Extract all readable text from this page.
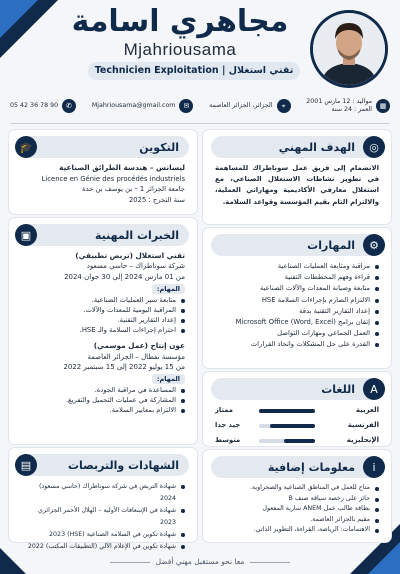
مجاهري اسامة
Mjahriousama
تقني استغلال | Technicien Exploitation
▦
مواليد : 12 مارس 2001
العمر : 24 سنة
⌖
الجزائر، الجزائر العاصمة
✉
Mjahriousama@gmail.com
✆
05 42 36 78 90
◎
الهدف المهني
الانضمام إلى فريق عمل سوناطراك للمساهمة في تطوير نشاطات الاستغلال الصناعي، مع استغلال معارفي الأكاديمية ومهاراتي العملية، والالتزام التام بقيم المؤسسة وقواعد السلامة.
⚙
المهارات
مراقبة ومتابعة العمليات الصناعية
قراءة وفهم المخططات التقنية
متابعة وصيانة المعدات والآلات الصناعية
الالتزام الصارم بإجراءات السلامة HSE
إعداد التقارير التقنية بدقة
إتقان برامج (Microsoft Office (Word, Excel
العمل الجماعي ومهارات التواصل
القدرة على حل المشكلات واتخاذ القرارات
A
اللغات
العربية
ممتاز
الفرنسية
جيد جدا
الإنجليزية
متوسط
i
معلومات إضافية
متاح للعمل في المناطق الصناعية والصحراوية.
حائز على رخصة سياقة صنف B
بطاقة طالب عمل ANEM سارية المفعول
مقيم بالجزائر العاصمة.
الاهتمامات: الرياضة، القراءة، التطوير الذاتي.
التكوين
🎓

ليسانس – هندسة الطرائق الصناعية

Licence en Génie des procédés industriels

جامعة الجزائر 1 – بن يوسف بن خدة

سنة التخرج : 2025

الخبرات المهنية
▣

تقني استغلال (تربص تطبيقي)

شركة سوناطراك – حاسي مسعود

من 01 مارس 2024 إلى 30 جوان 2024

المهام:
متابعة سير العمليات الصناعية.
المراقبة اليومية للمعدات والآلات.
إعداد التقارير التقنية.
احترام إجراءات السلامة والـ HSE.

عون إنتاج (عمل موسمي)

مؤسسة نفطال – الجزائر العاصمة

من 15 يوليو 2022 إلى 15 سبتمبر 2022

المهام:
المساعدة في مراقبة الجودة.
المشاركة في عمليات التحميل والتفريغ.
الالتزام بمعايير السلامة.
الشهادات والتربصات
▤
شهادة التربص في شركة سوناطراك (حاسي مسعود) 2024
شهادة في الإسعافات الأولية – الهلال الأحمر الجزائري 2023
شهادة تكوين في السلامة الصناعية (HSE) 2023
شهادة تكوين في الإعلام الآلي (التطبيقات المكتب) 2022
معا نحو مستقبل مهني أفضل
